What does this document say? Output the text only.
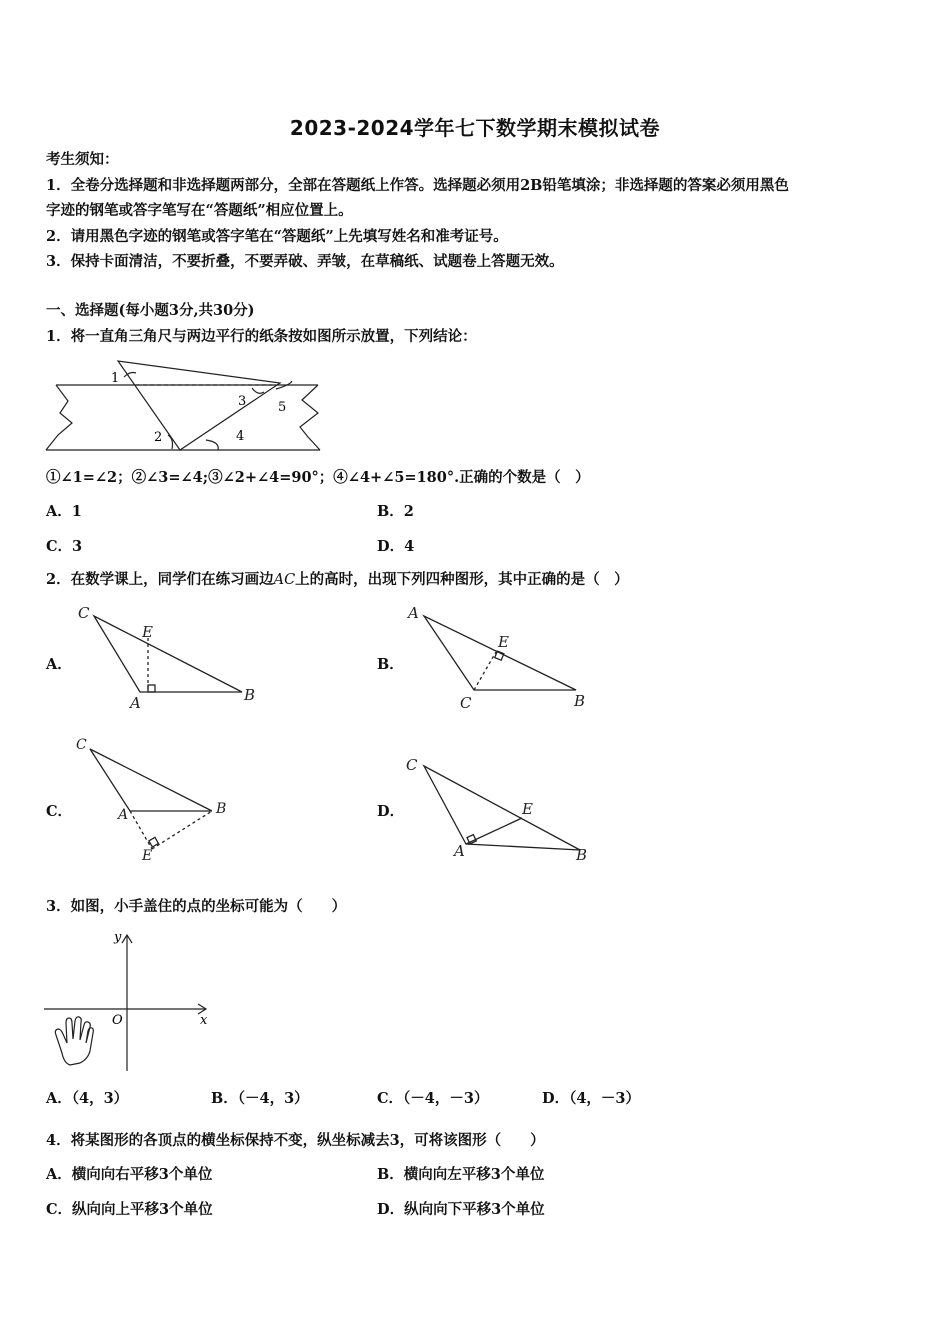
2023-2024学年七下数学期末模拟试卷
考生须知：
1．全卷分选择题和非选择题两部分，全部在答题纸上作答。选择题必须用2B铅笔填涂；非选择题的答案必须用黑色
字迹的钢笔或答字笔写在“答题纸”相应位置上。
2．请用黑色字迹的钢笔或答字笔在“答题纸”上先填写姓名和准考证号。
3．保持卡面清洁，不要折叠，不要弄破、弄皱，在草稿纸、试题卷上答题无效。
一、选择题(每小题3分,共30分)
1．将一直角三角尺与两边平行的纸条按如图所示放置，下列结论：
1
2
3
4
5
①∠1=∠2；②∠3=∠4;③∠2+∠4=90°；④∠4+∠5=180°.正确的个数是（　）
A．1	B．2
C．3	D．4
2．在数学课上，同学们在练习画边AC上的高时，出现下列四种图形，其中正确的是（　）
A．
C
E
A	B
B．
A
E
C	B
C．
C
A	B
E
D．
C
E
A	B
3．如图，小手盖住的点的坐标可能为（　　）
x
y
O
A．（4，3）	B．（－4，3）	C．（－4，－3）	D．（4，－3）
4．将某图形的各顶点的横坐标保持不变，纵坐标减去3，可将该图形（　　）
A．横向向右平移3个单位	B．横向向左平移3个单位
C．纵向向上平移3个单位	D．纵向向下平移3个单位
